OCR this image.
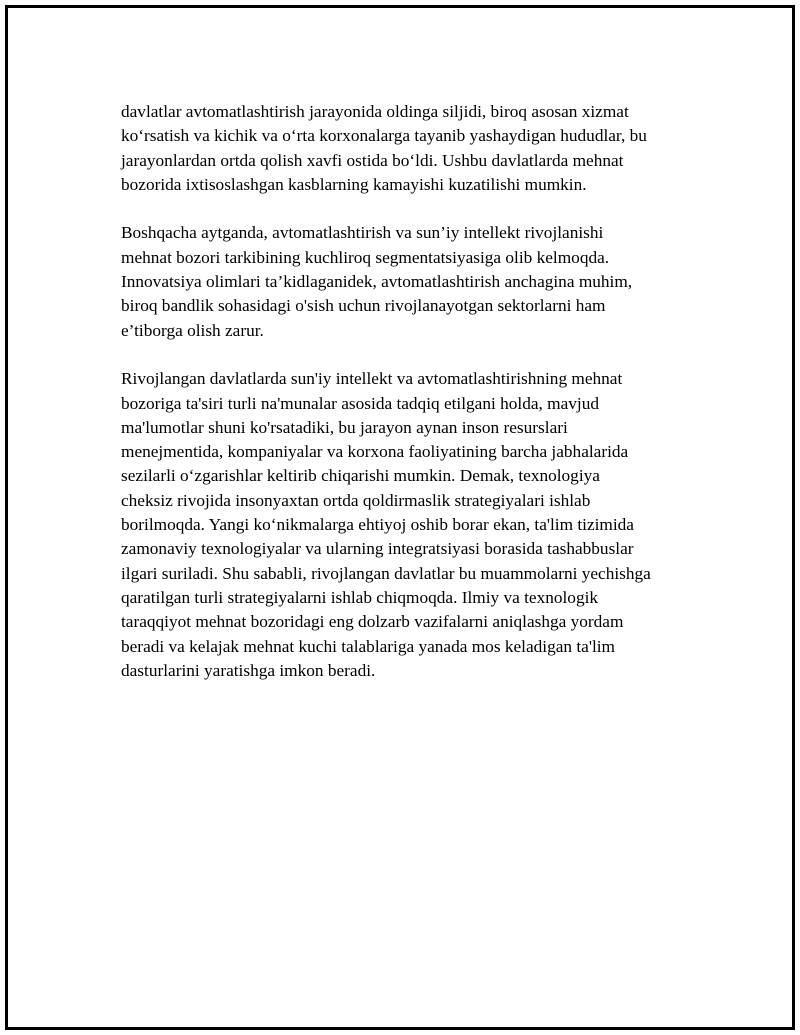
davlatlar avtomatlashtirish jarayonida oldinga siljidi, biroq asosan xizmat
ko‘rsatish va kichik va o‘rta korxonalarga tayanib yashaydigan hududlar, bu
jarayonlardan ortda qolish xavfi ostida bo‘ldi. Ushbu davlatlarda mehnat
bozorida ixtisoslashgan kasblarning kamayishi kuzatilishi mumkin.

Boshqacha aytganda, avtomatlashtirish va sun’iy intellekt rivojlanishi
mehnat bozori tarkibining kuchliroq segmentatsiyasiga olib kelmoqda.
Innovatsiya olimlari ta’kidlaganidek, avtomatlashtirish anchagina muhim,
biroq bandlik sohasidagi o'sish uchun rivojlanayotgan sektorlarni ham
e’tiborga olish zarur.

Rivojlangan davlatlarda sun'iy intellekt va avtomatlashtirishning mehnat
bozoriga ta'siri turli na'munalar asosida tadqiq etilgani holda, mavjud
ma'lumotlar shuni ko'rsatadiki, bu jarayon aynan inson resurslari
menejmentida, kompaniyalar va korxona faoliyatining barcha jabhalarida
sezilarli o‘zgarishlar keltirib chiqarishi mumkin. Demak, texnologiya
cheksiz rivojida insonyaxtan ortda qoldirmaslik strategiyalari ishlab
borilmoqda. Yangi ko‘nikmalarga ehtiyoj oshib borar ekan, ta'lim tizimida
zamonaviy texnologiyalar va ularning integratsiyasi borasida tashabbuslar
ilgari suriladi. Shu sababli, rivojlangan davlatlar bu muammolarni yechishga
qaratilgan turli strategiyalarni ishlab chiqmoqda. Ilmiy va texnologik
taraqqiyot mehnat bozoridagi eng dolzarb vazifalarni aniqlashga yordam
beradi va kelajak mehnat kuchi talablariga yanada mos keladigan ta'lim
dasturlarini yaratishga imkon beradi.
